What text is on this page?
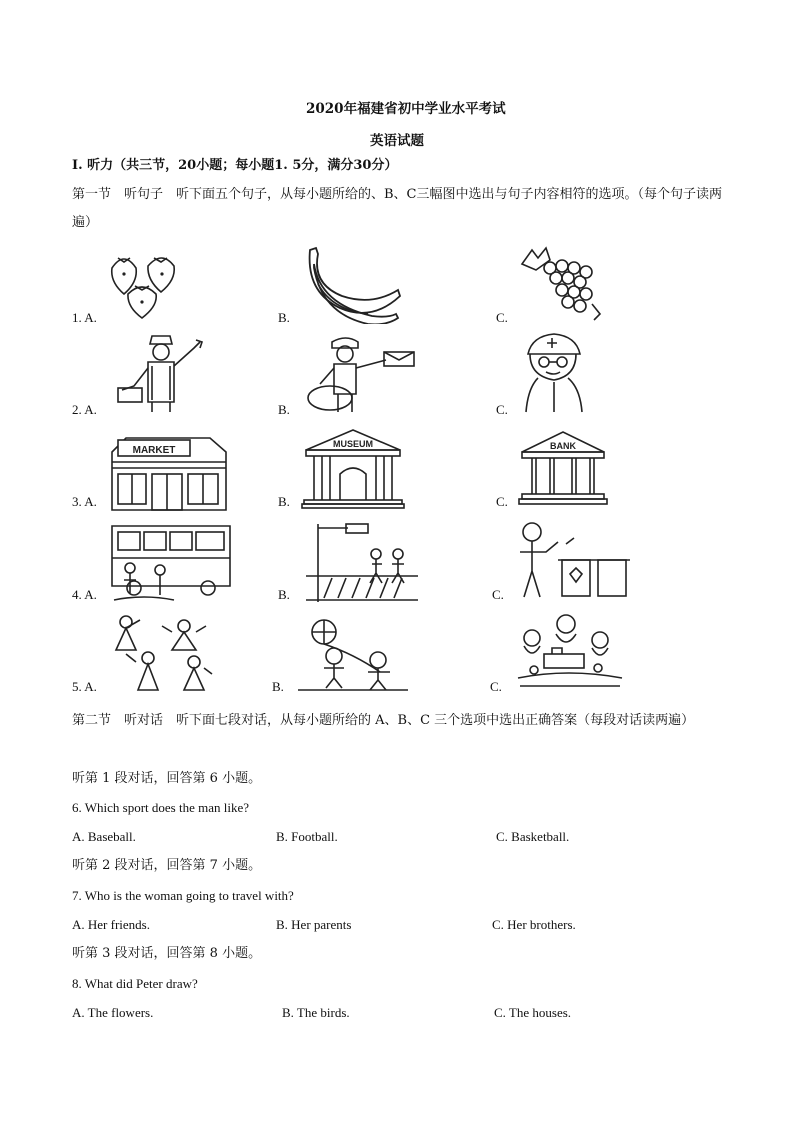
2020年福建省初中学业水平考试
英语试题
Ⅰ. 听力（共三节，20小题；每小题1. 5分，满分30分）
第一节　听句子　听下面五个句子，从每小题所给的、B、C三幅图中选出与句子内容相符的选项。（每个句子读两遍）
1. A.	B.	C.
2. A.	B.	C.
3. A.	B.	C.
MARKET
MUSEUM	BANK
4. A.	B.	C.
5. A.	B.	C.
第二节　听对话　听下面七段对话，从每小题所给的 A、B、C 三个选项中选出正确答案（每段对话读两遍）
听第 1 段对话，回答第 6 小题。
6. Which sport does the man like?
A. Baseball.	B. Football.	C. Basketball.
听第 2 段对话，回答第 7 小题。
7. Who is the woman going to travel with?
A. Her friends.	B. Her parents	C. Her brothers.
听第 3 段对话，回答第 8 小题。
8. What did Peter draw?
A. The flowers.	B. The birds.	C. The houses.
